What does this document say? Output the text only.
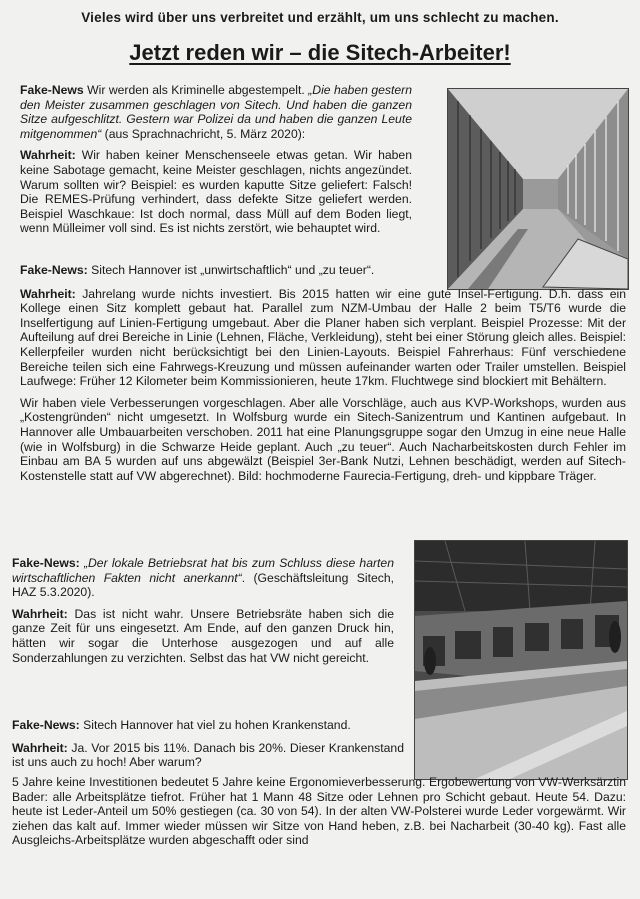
Vieles wird über uns verbreitet und erzählt, um uns schlecht zu machen.
Jetzt reden wir – die Sitech-Arbeiter!

Fake-News Wir werden als Kriminelle abgestempelt. „Die haben gestern den Meister zusammen geschlagen von Sitech. Und haben die ganzen Sitze aufgeschlitzt. Gestern war Polizei da und haben die ganzen Leute mitgenommen“ (aus Sprachnachricht, 5. März 2020):

Wahrheit: Wir haben keiner Menschenseele etwas getan. Wir haben keine Sabotage gemacht, keine Meister geschlagen, nichts angezündet. Warum sollten wir? Beispiel: es wurden kaputte Sitze geliefert: Falsch! Die REMES-Prüfung verhindert, dass defekte Sitze geliefert werden. Beispiel Waschkaue: Ist doch normal, dass Müll auf dem Boden liegt, wenn Mülleimer voll sind. Es ist nichts zerstört, wie behauptet wird.

Fake-News: Sitech Hannover ist „unwirtschaftlich“ und „zu teuer“.

Wahrheit: Jahrelang wurde nichts investiert. Bis 2015 hatten wir eine gute Insel-Fertigung. D.h. dass ein Kollege einen Sitz komplett gebaut hat. Parallel zum NZM-Umbau der Halle 2 beim T5/T6 wurde die Inselfertigung auf Linien-Fertigung umgebaut. Aber die Planer haben sich verplant. Beispiel Prozesse: Mit der Aufteilung auf drei Bereiche in Linie (Lehnen, Fläche, Verkleidung), steht bei einer Störung gleich alles. Beispiel: Kellerpfeiler wurden nicht berücksichtigt bei den Linien-Layouts. Beispiel Fahrerhaus: Fünf verschiedene Bereiche teilen sich eine Fahrwegs-Kreuzung und müssen aufeinander warten oder Trailer umstellen. Beispiel Laufwege: Früher 12 Kilometer beim Kommissionieren, heute 17km. Fluchtwege sind blockiert mit Behältern.

Wir haben viele Verbesserungen vorgeschlagen. Aber alle Vorschläge, auch aus KVP-Workshops, wurden aus „Kostengründen“ nicht umgesetzt. In Wolfsburg wurde ein Sitech-Sanizentrum und Kantinen aufgebaut. In Hannover alle Umbauarbeiten verschoben. 2011 hat eine Planungsgruppe sogar den Umzug in eine neue Halle (wie in Wolfsburg) in die Schwarze Heide geplant. Auch „zu teuer“. Auch Nacharbeitskosten durch Fehler im Einbau am BA 5 wurden auf uns abgewälzt (Beispiel 3er-Bank Nutzi, Lehnen beschädigt, werden auf Sitech-Kostenstelle statt auf VW abgerechnet). Bild: hochmoderne Faurecia-Fertigung, dreh- und kippbare Träger.

Fake-News: „Der lokale Betriebsrat hat bis zum Schluss diese harten wirtschaftlichen Fakten nicht anerkannt“. (Geschäftsleitung Sitech, HAZ 5.3.2020).

Wahrheit: Das ist nicht wahr. Unsere Betriebsräte haben sich die ganze Zeit für uns eingesetzt. Am Ende, auf den ganzen Druck hin, hätten wir sogar die Unterhose ausgezogen und auf alle Sonderzahlungen zu verzichten. Selbst das hat VW nicht gereicht.

Fake-News: Sitech Hannover hat viel zu hohen Krankenstand.

Wahrheit: Ja. Vor 2015 bis 11%. Danach bis 20%. Dieser Krankenstand ist uns auch zu hoch! Aber warum?

5 Jahre keine Investitionen bedeutet 5 Jahre keine Ergonomieverbesserung. Ergobewertung von VW-Werksärztin Bader: alle Arbeitsplätze tiefrot. Früher hat 1 Mann 48 Sitze oder Lehnen pro Schicht gebaut. Heute 54. Dazu: heute ist Leder-Anteil um 50% gestiegen (ca. 30 von 54). In der alten VW-Polsterei wurde Leder vorgewärmt. Wir ziehen das kalt auf. Immer wieder müssen wir Sitze von Hand heben, z.B. bei Nacharbeit (30-40 kg). Fast alle Ausgleichs-Arbeitsplätze wurden abgeschafft oder sind
